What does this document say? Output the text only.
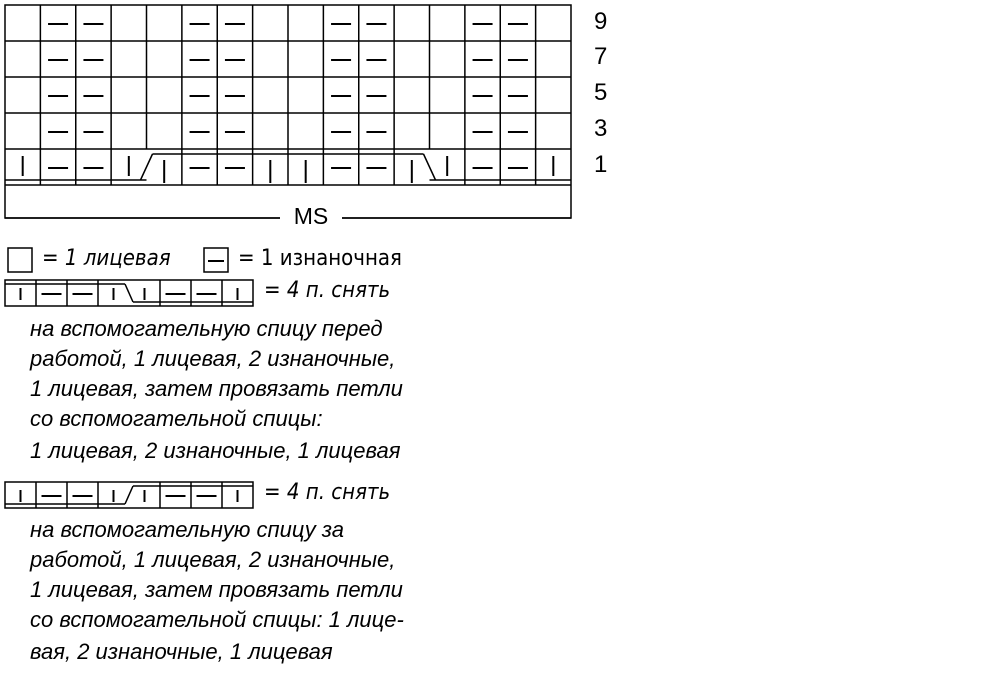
9
7
5
3
1
MS
= 1 лицевая	= 1 изнаночная
= 4 п. снять
на вспомогательную спицу перед
работой, 1 лицевая, 2 изнаночные,
1 лицевая, затем провязать петли
со вспомогательной спицы:
1 лицевая, 2 изнаночные, 1 лицевая
= 4 п. снять
на вспомогательную спицу за
работой, 1 лицевая, 2 изнаночные,
1 лицевая, затем провязать петли
со вспомогательной спицы: 1 лице-
вая, 2 изнаночные, 1 лицевая
